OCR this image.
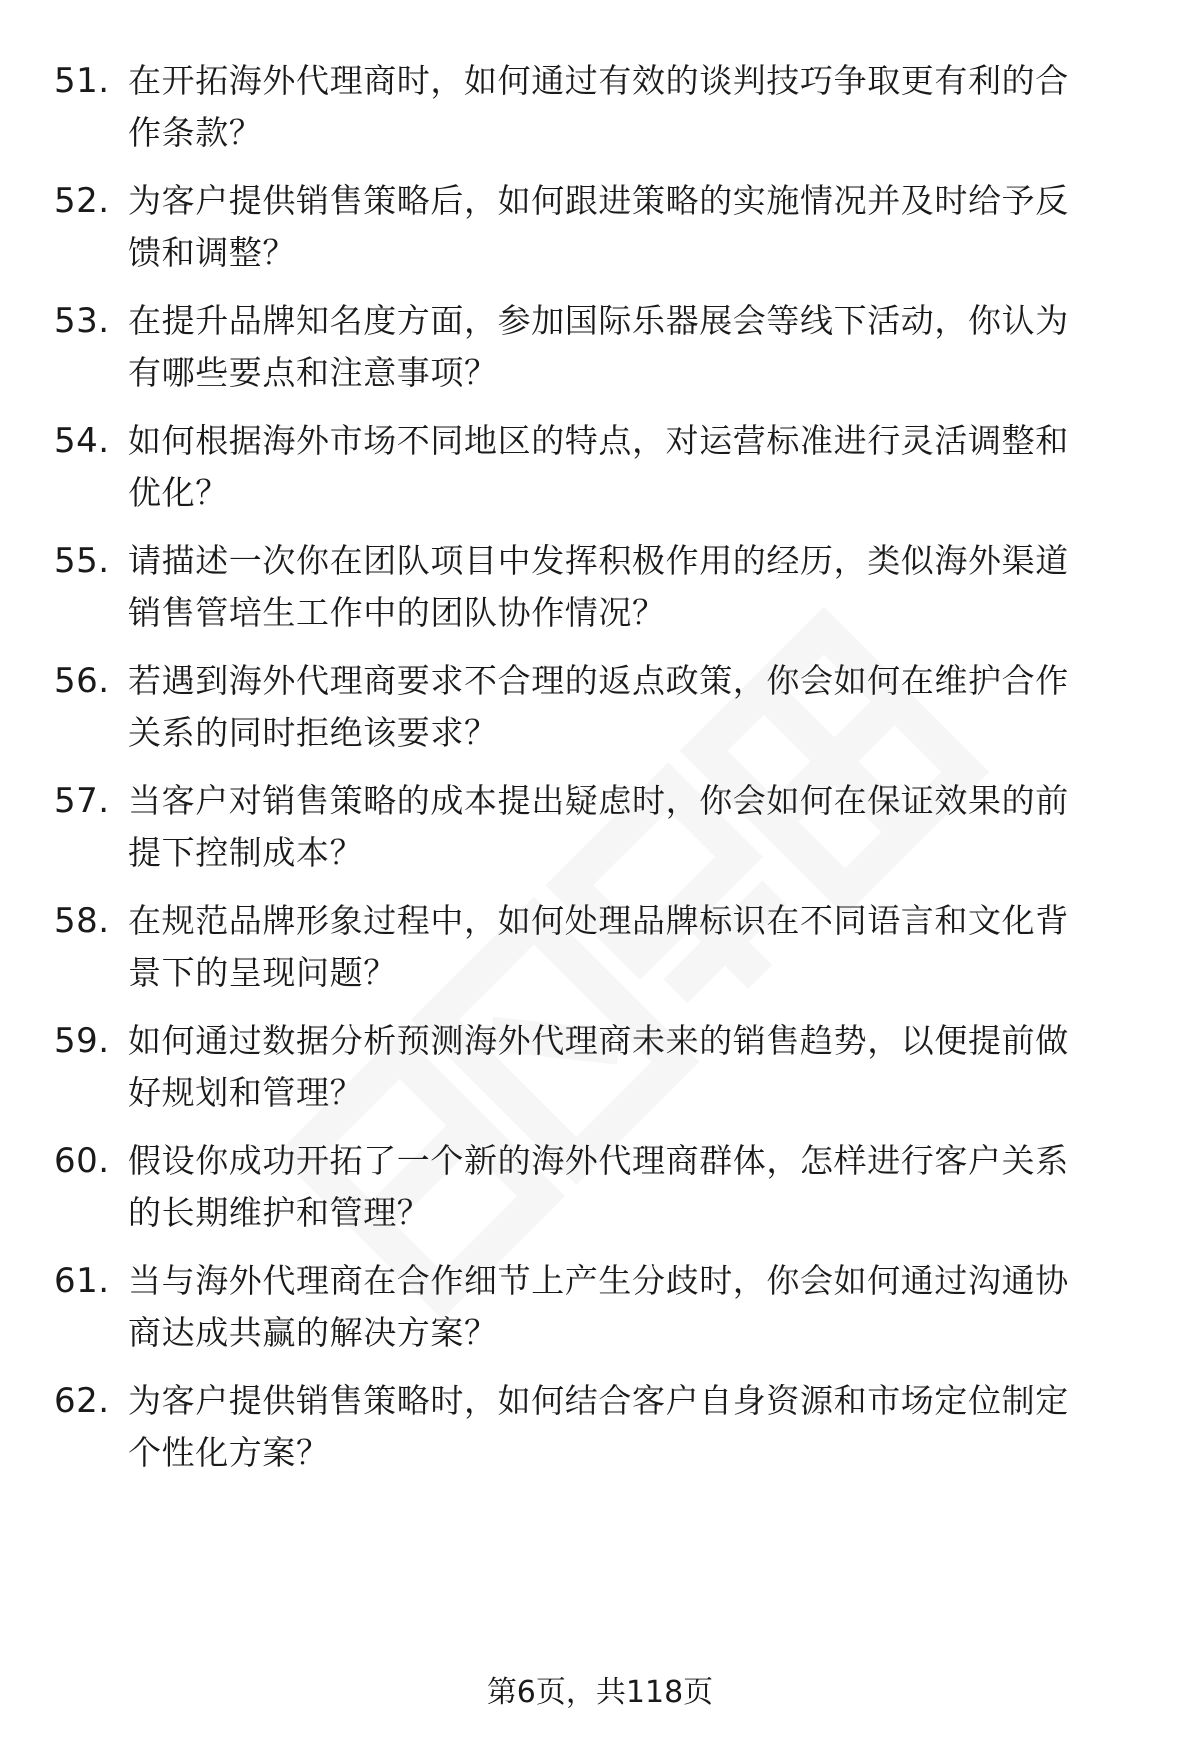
51. 在开拓海外代理商时，如何通过有效的谈判技巧争取更有利的合
作条款？
52. 为客户提供销售策略后，如何跟进策略的实施情况并及时给予反
馈和调整？
53. 在提升品牌知名度方面，参加国际乐器展会等线下活动，你认为
有哪些要点和注意事项？
54. 如何根据海外市场不同地区的特点，对运营标准进行灵活调整和
优化？
55. 请描述一次你在团队项目中发挥积极作用的经历，类似海外渠道
销售管培生工作中的团队协作情况？
56. 若遇到海外代理商要求不合理的返点政策，你会如何在维护合作
关系的同时拒绝该要求？
57. 当客户对销售策略的成本提出疑虑时，你会如何在保证效果的前
提下控制成本？
58. 在规范品牌形象过程中，如何处理品牌标识在不同语言和文化背
景下的呈现问题？
59. 如何通过数据分析预测海外代理商未来的销售趋势，以便提前做
好规划和管理？
60. 假设你成功开拓了一个新的海外代理商群体，怎样进行客户关系
的长期维护和管理？
61. 当与海外代理商在合作细节上产生分歧时，你会如何通过沟通协
商达成共赢的解决方案？
62. 为客户提供销售策略时，如何结合客户自身资源和市场定位制定
个性化方案？
第6页，共118页
